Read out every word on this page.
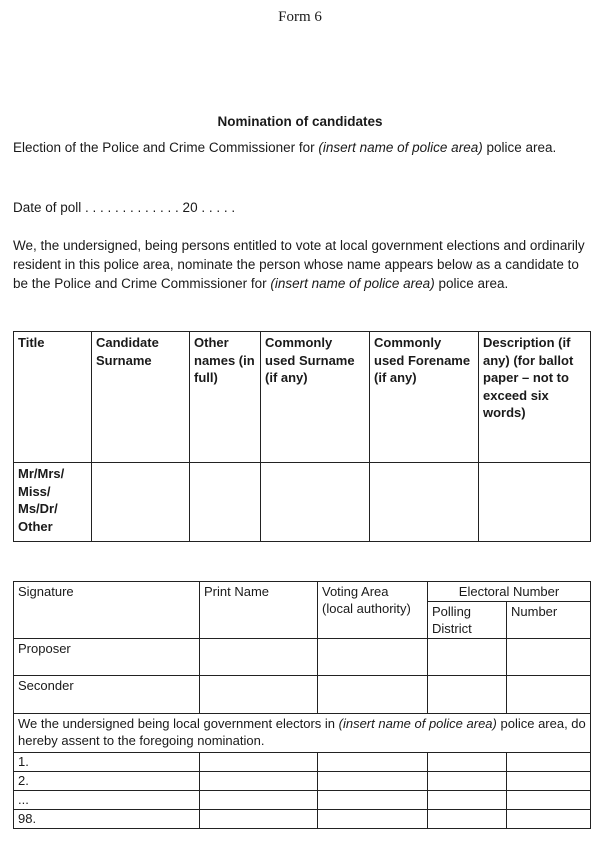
Form 6
Nomination of candidates
Election of the Police and Crime Commissioner for (insert name of police area) police area.
Date of poll . . . . . . . . . . . . . 20 . . . . .
We, the undersigned, being persons entitled to vote at local government elections and ordinarily resident in this police area, nominate the person whose name appears below as a candidate to be the Police and Crime Commissioner for (insert name of police area) police area.
Title	Candidate Surname	Other names (in full)	Commonly used Surname (if any)	Commonly used Forename (if any)	Description (if any) (for ballot paper – not to exceed six words)
Mr/Mrs/ Miss/ Ms/Dr/ Other					
Signature	Print Name	Voting Area (local authority)	Electoral Number	
			Polling District	Number
Proposer				
Seconder				
We the undersigned being local government electors in (insert name of police area) police area, do hereby assent to the foregoing nomination.				
1.				
2.				
...				
98.				
